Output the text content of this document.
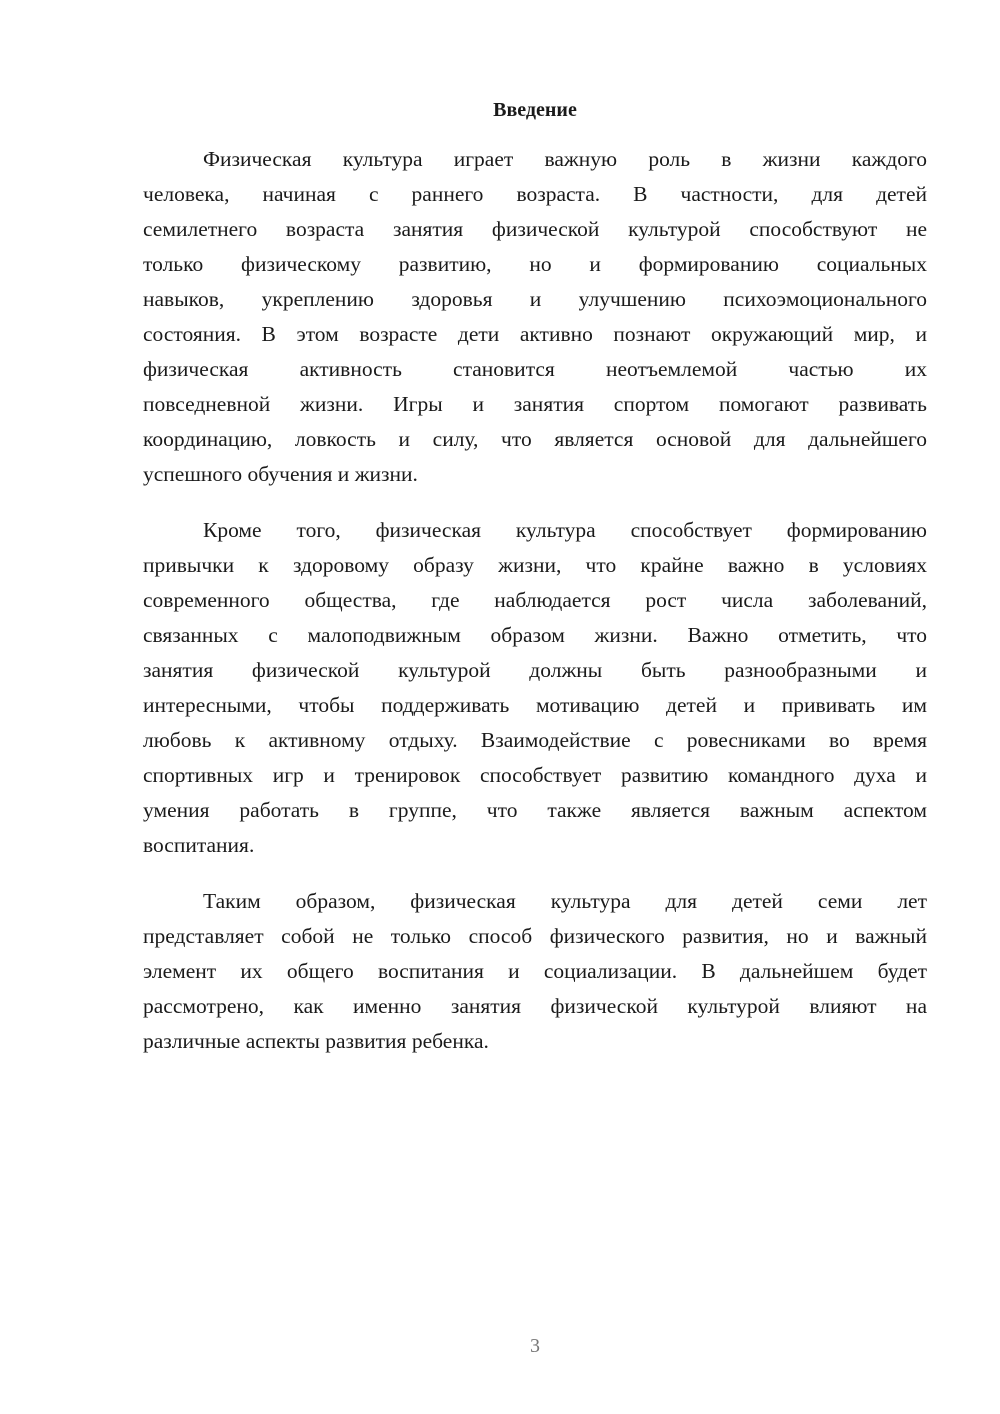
Введение
Физическая культура играет важную роль в жизни каждого
человека, начиная с раннего возраста. В частности, для детей
семилетнего возраста занятия физической культурой способствуют не
только физическому развитию, но и формированию социальных
навыков, укреплению здоровья и улучшению психоэмоционального
состояния. В этом возрасте дети активно познают окружающий мир, и
физическая активность становится неотъемлемой частью их
повседневной жизни. Игры и занятия спортом помогают развивать
координацию, ловкость и силу, что является основой для дальнейшего
успешного обучения и жизни.
Кроме того, физическая культура способствует формированию
привычки к здоровому образу жизни, что крайне важно в условиях
современного общества, где наблюдается рост числа заболеваний,
связанных с малоподвижным образом жизни. Важно отметить, что
занятия физической культурой должны быть разнообразными и
интересными, чтобы поддерживать мотивацию детей и прививать им
любовь к активному отдыху. Взаимодействие с ровесниками во время
спортивных игр и тренировок способствует развитию командного духа и
умения работать в группе, что также является важным аспектом
воспитания.
Таким образом, физическая культура для детей семи лет
представляет собой не только способ физического развития, но и важный
элемент их общего воспитания и социализации. В дальнейшем будет
рассмотрено, как именно занятия физической культурой влияют на
различные аспекты развития ребенка.
3
